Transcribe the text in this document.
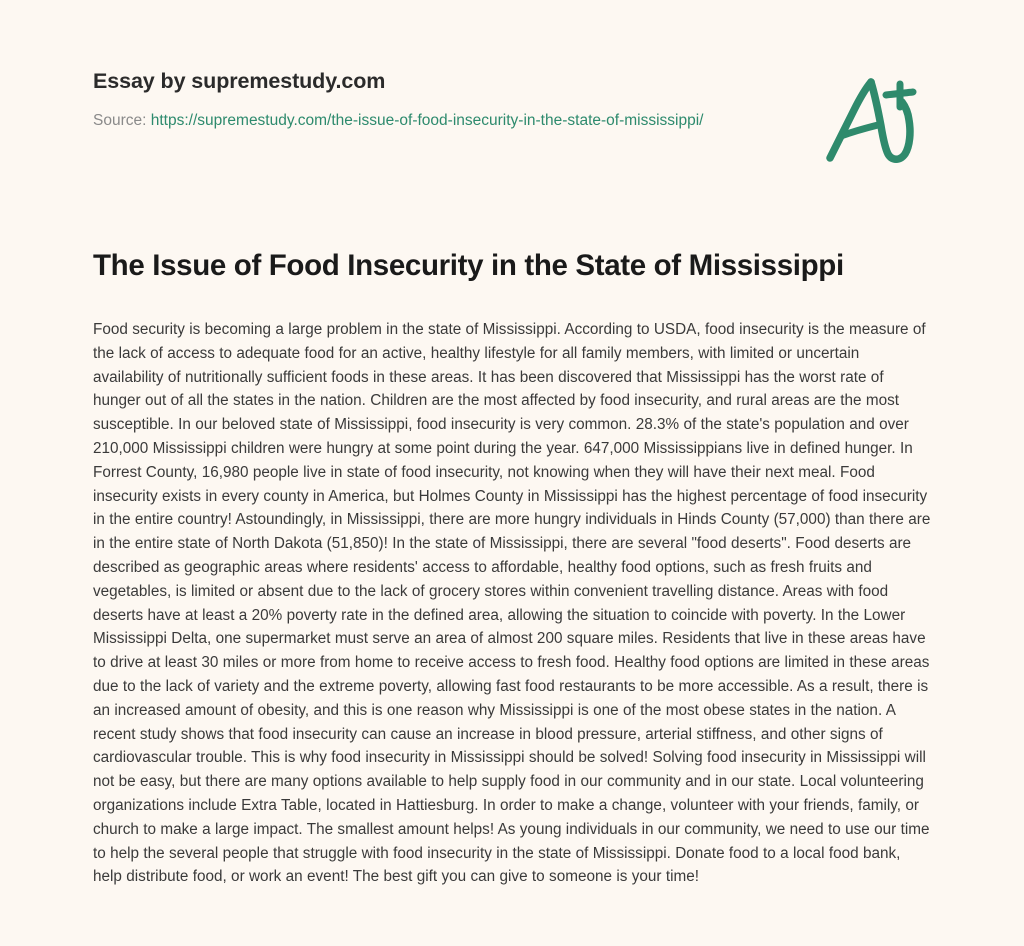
Essay by supremestudy.com
Source: https://supremestudy.com/the-issue-of-food-insecurity-in-the-state-of-mississippi/
The Issue of Food Insecurity in the State of Mississippi

Food security is becoming a large problem in the state of Mississippi. According to USDA, food insecurity is the measure of the lack of access to adequate food for an active, healthy lifestyle for all family members, with limited or uncertain availability of nutritionally sufficient foods in these areas. It has been discovered that Mississippi has the worst rate of hunger out of all the states in the nation. Children are the most affected by food insecurity, and rural areas are the most susceptible. In our beloved state of Mississippi, food insecurity is very common. 28.3% of the state's population and over 210,000 Mississippi children were hungry at some point during the year. 647,000 Mississippians live in defined hunger. In Forrest County, 16,980 people live in state of food insecurity, not knowing when they will have their next meal. Food insecurity exists in every county in America, but Holmes County in Mississippi has the highest percentage of food insecurity in the entire country! Astoundingly, in Mississippi, there are more hungry individuals in Hinds County (57,000) than there are in the entire state of North Dakota (51,850)! In the state of Mississippi, there are several "food deserts". Food deserts are described as geographic areas where residents' access to affordable, healthy food options, such as fresh fruits and vegetables, is limited or absent due to the lack of grocery stores within convenient travelling distance. Areas with food deserts have at least a 20% poverty rate in the defined area, allowing the situation to coincide with poverty. In the Lower Mississippi Delta, one supermarket must serve an area of almost 200 square miles. Residents that live in these areas have to drive at least 30 miles or more from home to receive access to fresh food. Healthy food options are limited in these areas due to the lack of variety and the extreme poverty, allowing fast food restaurants to be more accessible. As a result, there is an increased amount of obesity, and this is one reason why Mississippi is one of the most obese states in the nation. A recent study shows that food insecurity can cause an increase in blood pressure, arterial stiffness, and other signs of cardiovascular trouble. This is why food insecurity in Mississippi should be solved! Solving food insecurity in Mississippi will not be easy, but there are many options available to help supply food in our community and in our state. Local volunteering organizations include Extra Table, located in Hattiesburg. In order to make a change, volunteer with your friends, family, or church to make a large impact. The smallest amount helps! As young individuals in our community, we need to use our time to help the several people that struggle with food insecurity in the state of Mississippi. Donate food to a local food bank, help distribute food, or work an event! The best gift you can give to someone is your time!
